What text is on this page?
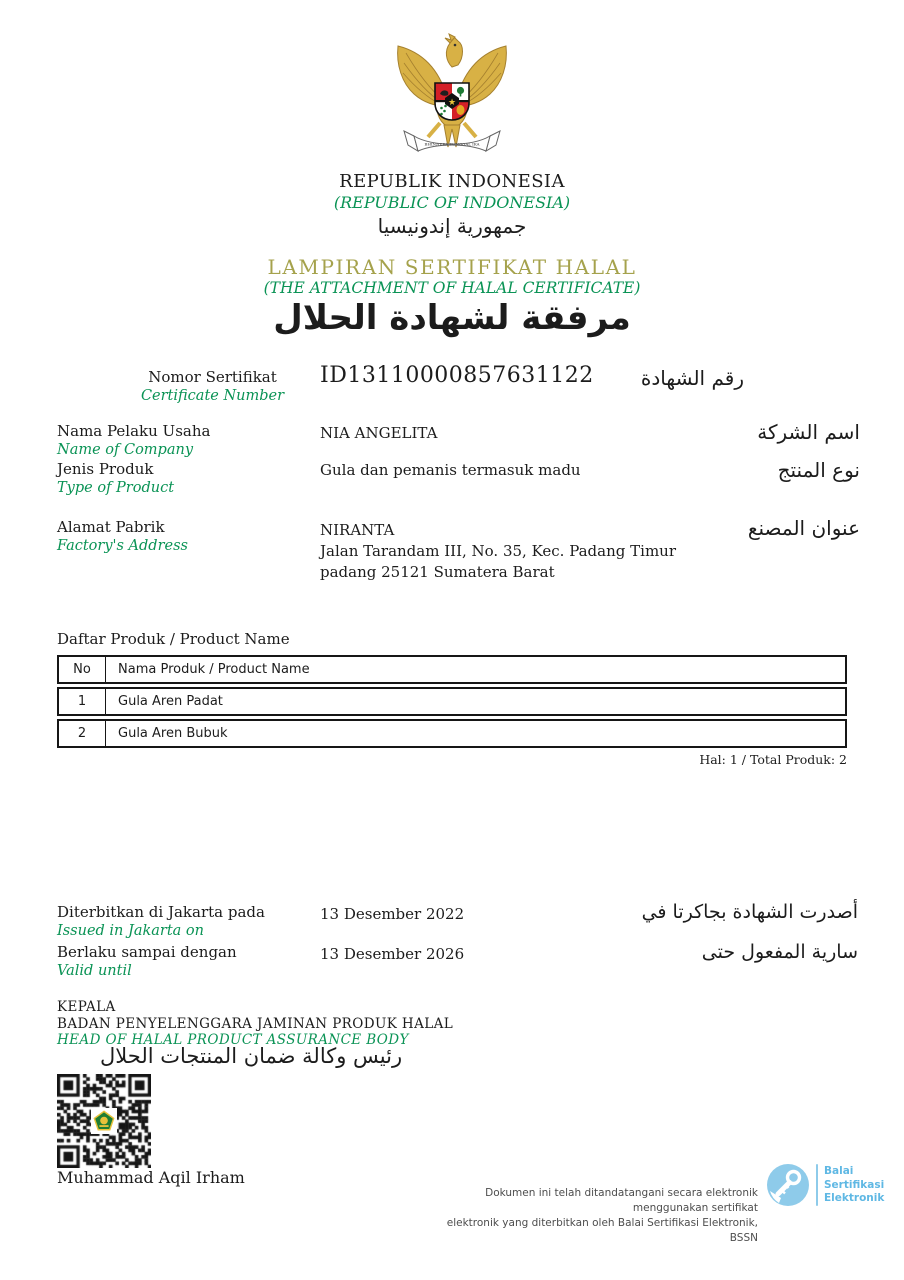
★
BHINNEKA TUNGGAL IKA
REPUBLIK INDONESIA
(REPUBLIC OF INDONESIA)
جمهورية إندونيسيا
LAMPIRAN SERTIFIKAT HALAL
(THE ATTACHMENT OF HALAL CERTIFICATE)
مرفقة لشهادة الحلال
Nomor Sertifikat
Certificate Number
ID13110000857631122 رقم الشهادة
Nama Pelaku Usaha
Name of Company
NIA ANGELITA	اسم الشركة
Jenis Produk
Type of Product
Gula dan pemanis termasuk madu	نوع المنتج
Alamat Pabrik
Factory's Address
NIRANTA
Jalan Tarandam III, No. 35, Kec. Padang Timur
padang 25121 Sumatera Barat
عنوان المصنع
Daftar Produk / Product Name
No	Nama Produk / Product Name
1	Gula Aren Padat
2	Gula Aren Bubuk
Hal: 1 / Total Produk: 2
Diterbitkan di Jakarta pada
Issued in Jakarta on
13 Desember 2022	أصدرت الشهادة بجاكرتا في
Berlaku sampai dengan
Valid until
13 Desember 2026	سارية المفعول حتى
KEPALA
BADAN PENYELENGGARA JAMINAN PRODUK HALAL
HEAD OF HALAL PRODUCT ASSURANCE BODY
رئيس وكالة ضمان المنتجات الحلال
Muhammad Aqil Irham
Dokumen ini telah ditandatangani secara elektronik menggunakan sertifikat
elektronik yang diterbitkan oleh Balai Sertifikasi Elektronik, BSSN
Balai
Sertifikasi
Elektronik
